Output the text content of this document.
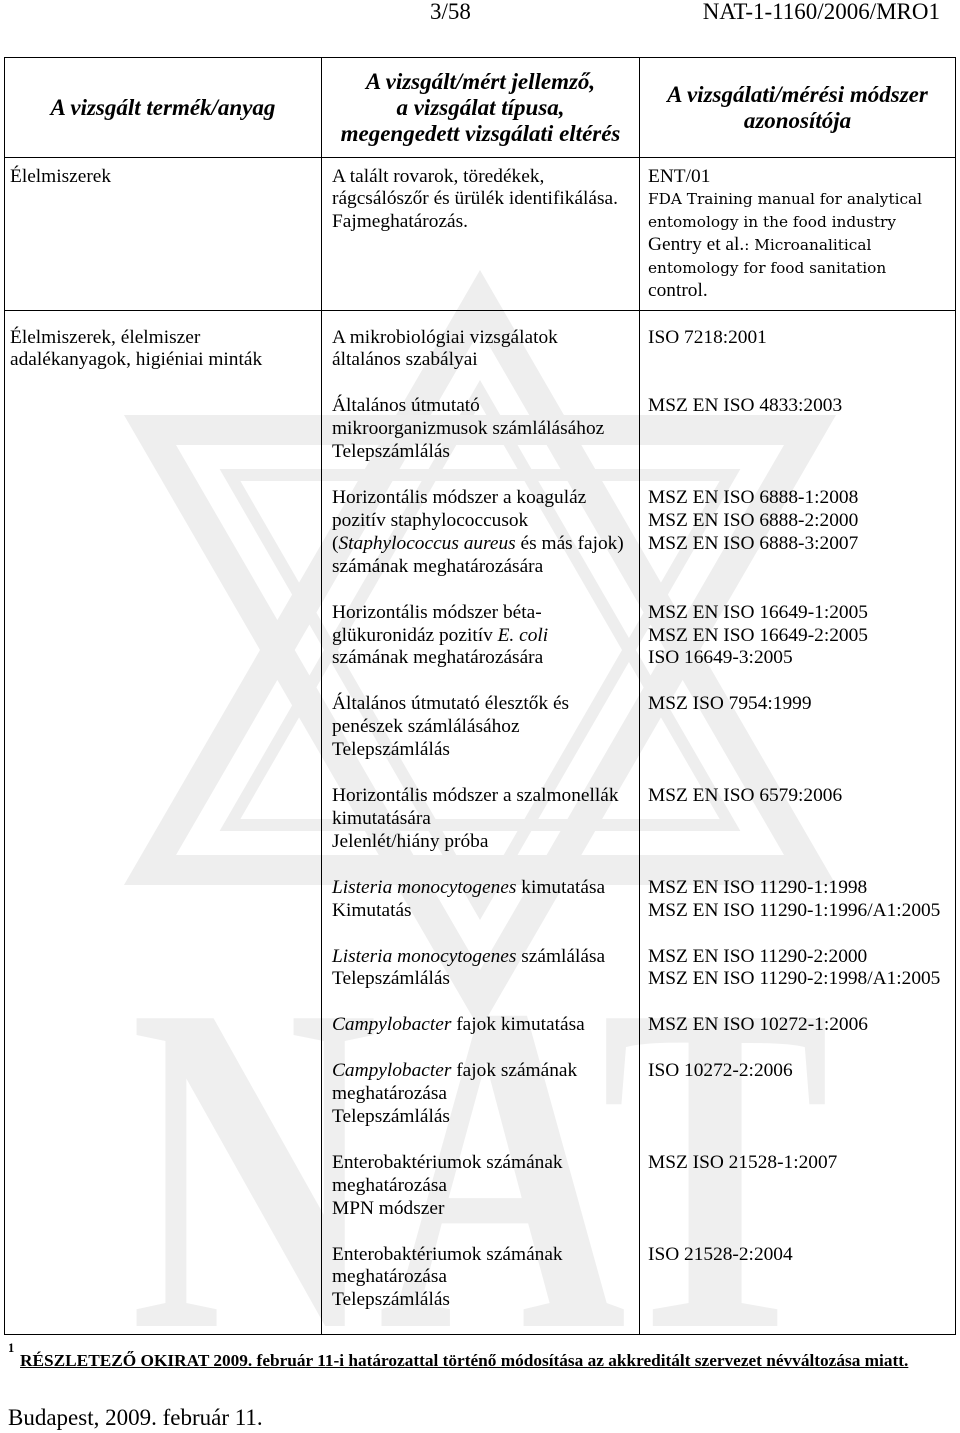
NAT
3/58	NAT-1-1160/2006/MRO1
A vizsgált termék/anyag
A vizsgált/mért jellemző,
a vizsgálat típusa,
megengedett vizsgálati eltérés
A vizsgálati/mérési módszer
azonosítója
Élelmiszerek	A talált rovarok, töredékek,
rágcsálószőr és ürülék identifikálása.
Fajmeghatározás.
ENT/01
FDA Training manual for analytical
entomology in the food industry
Gentry et al.: Microanalitical
entomology for food sanitation
control.
Élelmiszerek, élelmiszer
adalékanyagok, higiéniai minták
A mikrobiológiai vizsgálatok
általános szabályai
Általános útmutató
mikroorganizmusok számlálásához
Telepszámlálás
Horizontális módszer a koaguláz
pozitív staphylococcusok
(Staphylococcus aureus és más fajok)
számának meghatározására
Horizontális módszer béta-
glükuronidáz pozitív E. coli
számának meghatározására
Általános útmutató élesztők és
penészek számlálásához
Telepszámlálás
Horizontális módszer a szalmonellák
kimutatására
Jelenlét/hiány próba
Listeria monocytogenes kimutatása
Kimutatás
Listeria monocytogenes számlálása
Telepszámlálás
Campylobacter fajok kimutatása
Campylobacter fajok számának
meghatározása
Telepszámlálás
Enterobaktériumok számának
meghatározása
MPN módszer
Enterobaktériumok számának
meghatározása
Telepszámlálás
ISO 7218:2001
MSZ EN ISO 4833:2003
MSZ EN ISO 6888-1:2008
MSZ EN ISO 6888-2:2000
MSZ EN ISO 6888-3:2007
MSZ EN ISO 16649-1:2005
MSZ EN ISO 16649-2:2005
ISO 16649-3:2005
MSZ ISO 7954:1999
MSZ EN ISO 6579:2006
MSZ EN ISO 11290-1:1998
MSZ EN ISO 11290-1:1996/A1:2005
MSZ EN ISO 11290-2:2000
MSZ EN ISO 11290-2:1998/A1:2005
MSZ EN ISO 10272-1:2006
ISO 10272-2:2006
MSZ ISO 21528-1:2007
ISO 21528-2:2004
1
RÉSZLETEZŐ OKIRAT 2009. február 11-i határozattal történő módosítása az akkreditált szervezet névváltozása miatt.
Budapest, 2009. február 11.
